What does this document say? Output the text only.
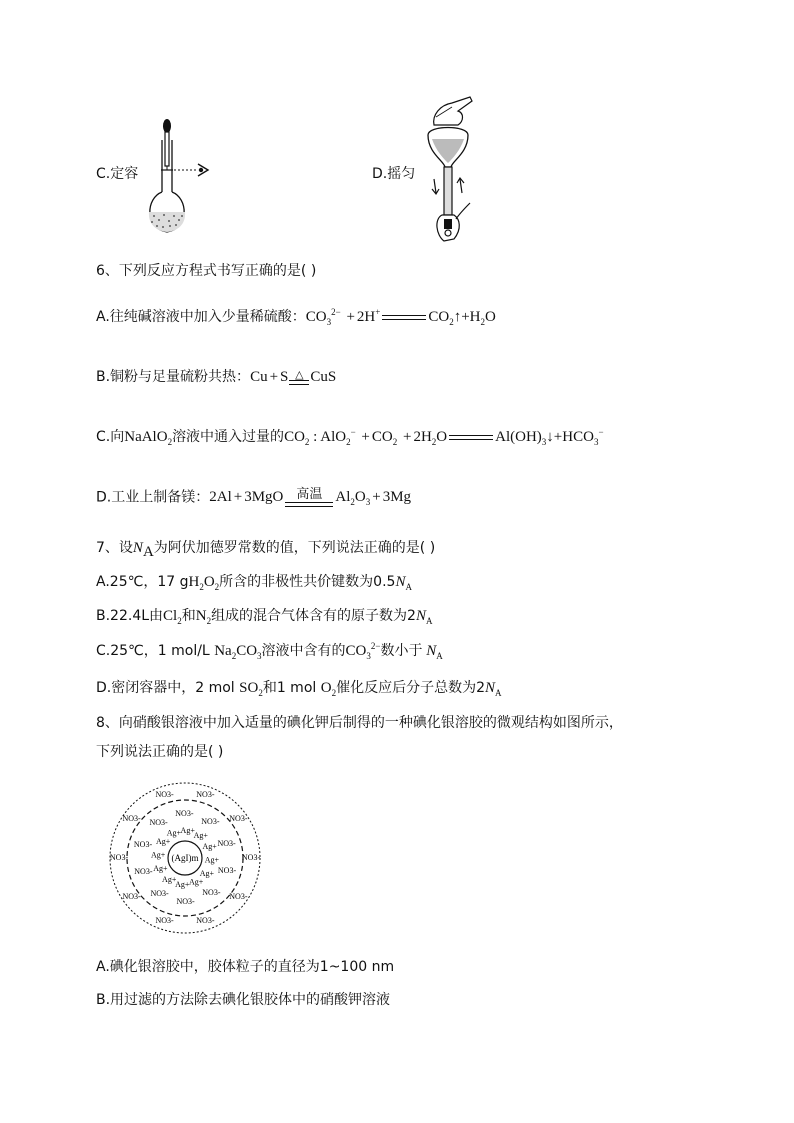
C.定容	D.摇匀
6、下列反应方程式书写正确的是( )
A.往纯碱溶液中加入少量稀硫酸：$CO_3^{2-} + 2H^+$	$CO_2↑+H_2O$
B.铜粉与足量硫粉共热：Cu + S △ CuS
C.向NaAlO$_2$溶液中通入过量的$CO_2$ : $AlO_2^- + CO_2 + 2H_2O$	$Al(OH)_3↓+HCO_3^-$
D.工业上制备镁：2Al + 3MgO 高温 $Al_2O_3 + 3Mg$
7、设$N_A$为阿伏加德罗常数的值，下列说法正确的是( )
A.25℃，17 $gH_2O_2$所含的非极性共价键数为$0.5N_A$
B.22.4L由$Cl_2$和$N_2$组成的混合气体含有的原子数为$2N_A$
C.25℃，1 mol/L $Na_2CO_3$溶液中含有的$CO_3^{2-}$数小于 $N_A$
D.密闭容器中，2 mol $SO_2$和1 mol $O_2$催化反应后分子总数为$2N_A$
8、向硝酸银溶液中加入适量的碘化钾后制得的一种碘化银溶胶的微观结构如图所示，
下列说法正确的是( )
(AgI)m Ag+
Ag+
Ag+
Ag+
Ag+
Ag+
Ag+
Ag+
Ag+ Ag+
Ag+
Ag+
NO3-
NO3-
NO3-
NO3-
NO3-
NO3-
NO3-
NO3-
NO3-
NO3-
NO3-
NO3-
NO3-
NO3-
NO3-
NO3-
NO3-
NO3-	NO3-
NO3-
A.碘化银溶胶中，胶体粒子的直径为1~100 nm
B.用过滤的方法除去碘化银胶体中的硝酸钾溶液
